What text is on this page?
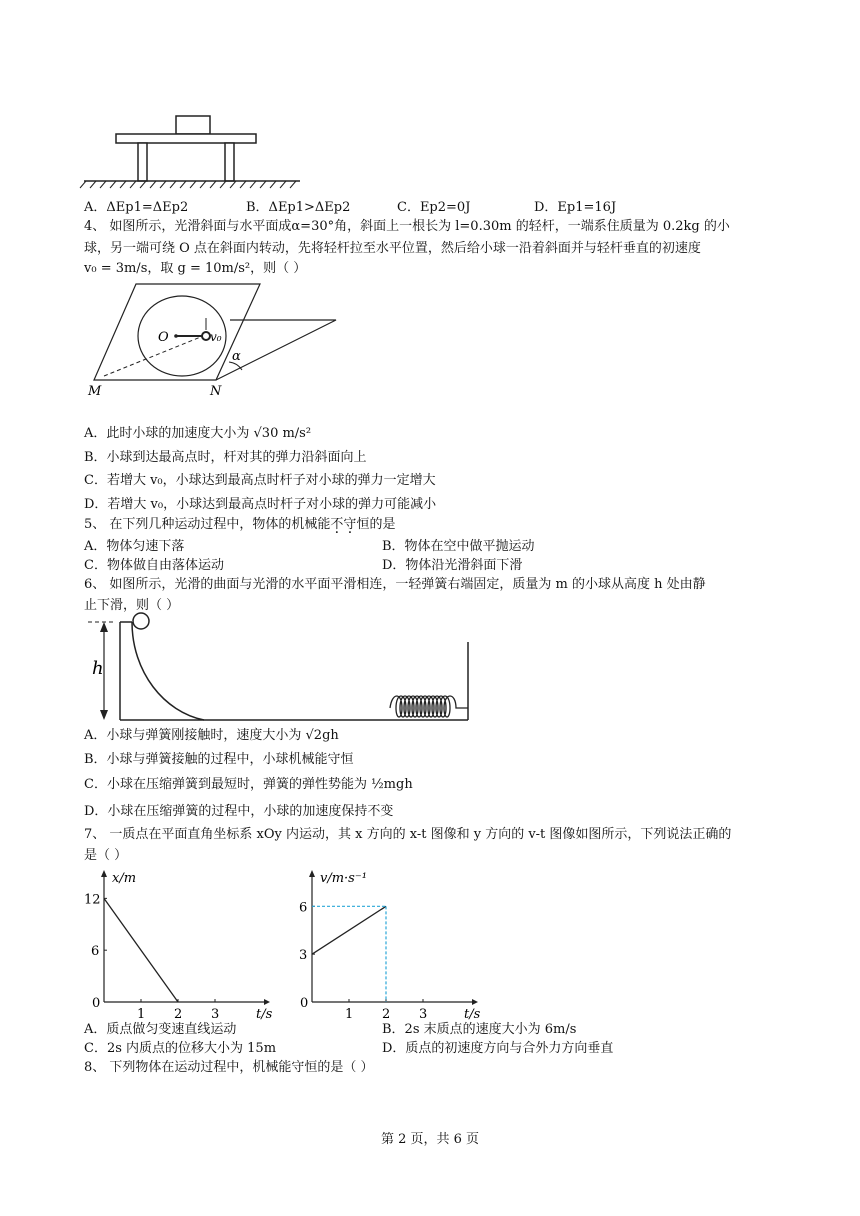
A．ΔEp1=ΔEp2	B．ΔEp1>ΔEp2	C．Ep2=0J	D．Ep1=16J
4、 如图所示，光滑斜面与水平面成α=30°角，斜面上一根长为 l=0.30m 的轻杆，一端系住质量为 0.2kg 的小
球，另一端可绕 O 点在斜面内转动，先将轻杆拉至水平位置，然后给小球一沿着斜面并与轻杆垂直的初速度
v₀ = 3m/s，取 g = 10m/s²，则（ ）
O	v₀
α
M	N
A．此时小球的加速度大小为 √30 m/s²
B．小球到达最高点时，杆对其的弹力沿斜面向上
C．若增大 v₀，小球达到最高点时杆子对小球的弹力一定增大
D．若增大 v₀，小球达到最高点时杆子对小球的弹力可能减小
5、 在下列几种运动过程中，物体的机械能不守恒的是
A．物体匀速下落	B．物体在空中做平抛运动
C．物体做自由落体运动	D．物体沿光滑斜面下滑
6、 如图所示，光滑的曲面与光滑的水平面平滑相连，一轻弹簧右端固定，质量为 m 的小球从高度 h 处由静
止下滑，则（ ）
h
A．小球与弹簧刚接触时，速度大小为 √2gh
B．小球与弹簧接触的过程中，小球机械能守恒
C．小球在压缩弹簧到最短时，弹簧的弹性势能为 ½mgh
D．小球在压缩弹簧的过程中，小球的加速度保持不变
7、 一质点在平面直角坐标系 xOy 内运动，其 x 方向的 x-t 图像和 y 方向的 v-t 图像如图所示，下列说法正确的
是（ ）
x/m
t/s
0
1 2 3
6
12
v/m·s⁻¹
t/s
0
1 2 3
3
6
A．质点做匀变速直线运动	B．2s 末质点的速度大小为 6m/s
C．2s 内质点的位移大小为 15m	D．质点的初速度方向与合外力方向垂直
8、 下列物体在运动过程中，机械能守恒的是（ ）
第 2 页，共 6 页
